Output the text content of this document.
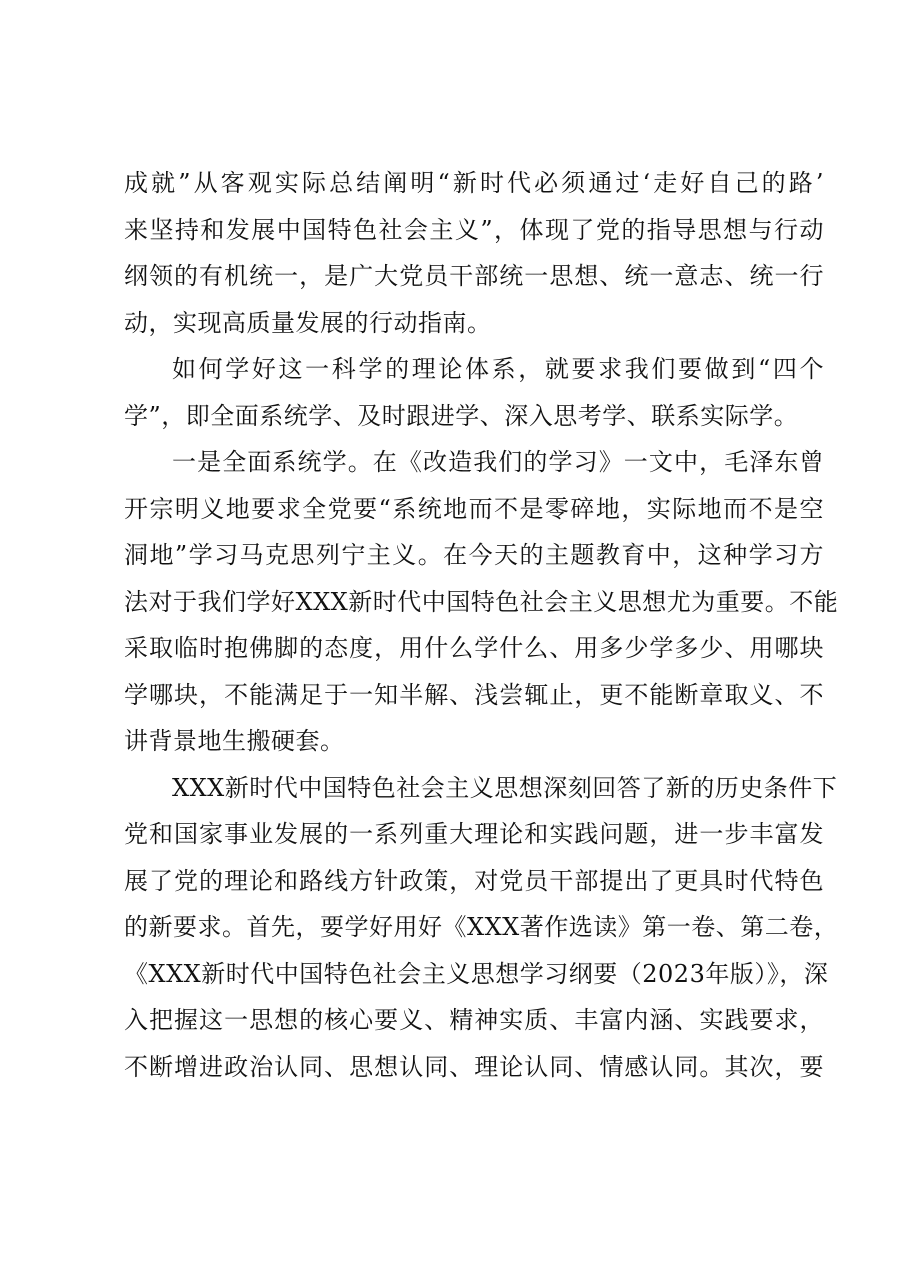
成就”从客观实际总结阐明“新时代必须通过‘走好自己的路’
来坚持和发展中国特色社会主义”，体现了党的指导思想与行动
纲领的有机统一，是广大党员干部统一思想、统一意志、统一行
动，实现高质量发展的行动指南。
如何学好这一科学的理论体系，就要求我们要做到“四个
学”，即全面系统学、及时跟进学、深入思考学、联系实际学。
一是全面系统学。在《改造我们的学习》一文中，毛泽东曾
开宗明义地要求全党要“系统地而不是零碎地，实际地而不是空
洞地”学习马克思列宁主义。在今天的主题教育中，这种学习方
法对于我们学好XXX新时代中国特色社会主义思想尤为重要。不能
采取临时抱佛脚的态度，用什么学什么、用多少学多少、用哪块
学哪块，不能满足于一知半解、浅尝辄止，更不能断章取义、不
讲背景地生搬硬套。
XXX新时代中国特色社会主义思想深刻回答了新的历史条件下
党和国家事业发展的一系列重大理论和实践问题，进一步丰富发
展了党的理论和路线方针政策，对党员干部提出了更具时代特色
的新要求。首先，要学好用好《XXX著作选读》第一卷、第二卷，
《XXX新时代中国特色社会主义思想学习纲要（2023年版）》，深
入把握这一思想的核心要义、精神实质、丰富内涵、实践要求，
不断增进政治认同、思想认同、理论认同、情感认同。其次，要
